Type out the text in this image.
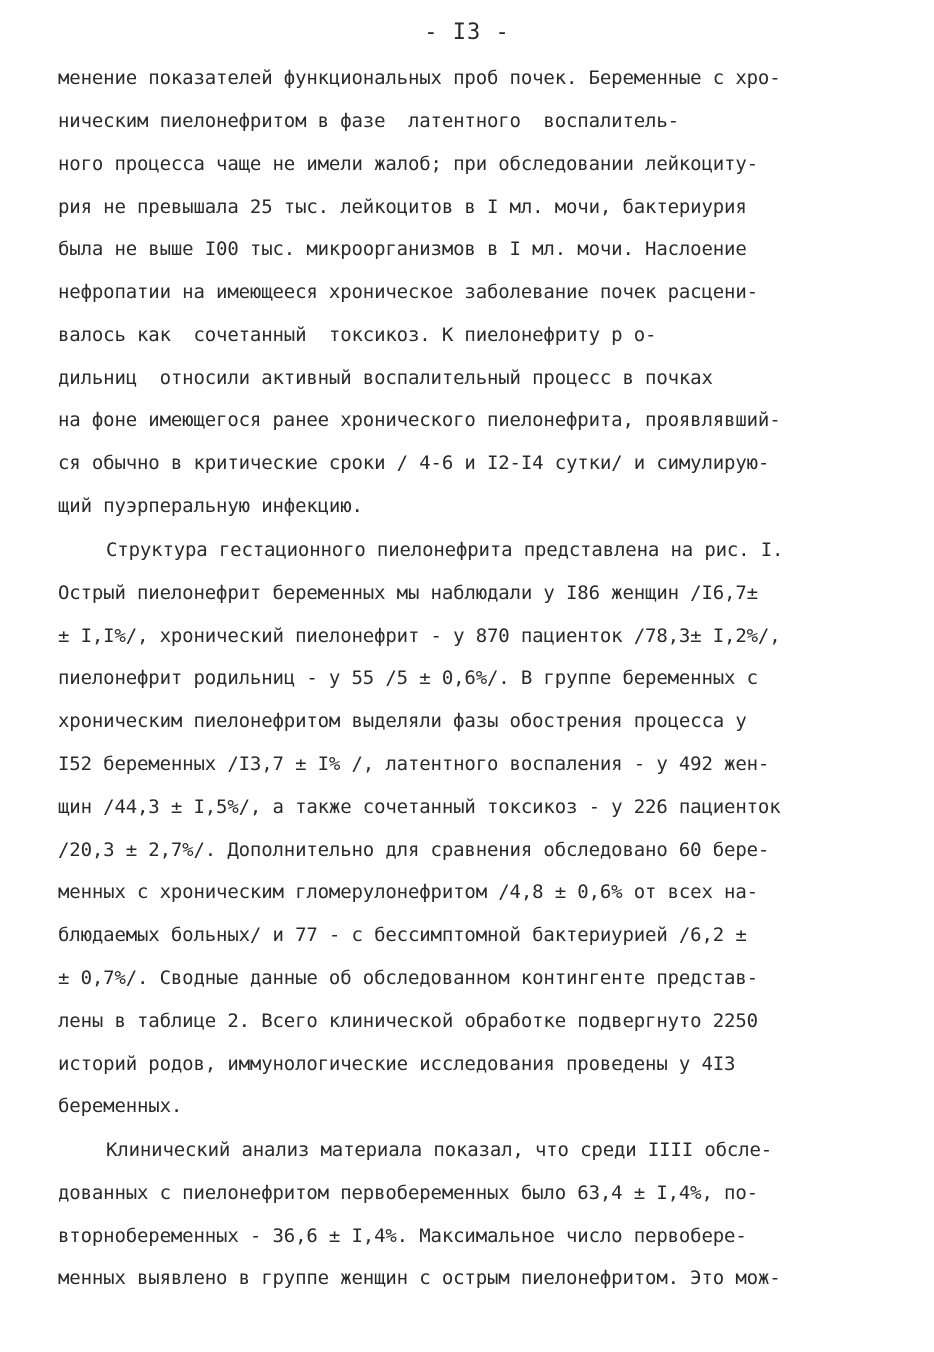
- I3 -
менение показателей функциональных проб почек. Беременные с хро-
ническим пиелонефритом в фазе  латентного  воспалитель-
ного процесса чаще не имели жалоб; при обследовании лейкоциту-
рия не превышала 25 тыс. лейкоцитов в I мл. мочи, бактериурия
была не выше I00 тыс. микроорганизмов в I мл. мочи. Наслоение
нефропатии на имеющееся хроническое заболевание почек расцени-
валось как  сочетанный  токсикоз. К пиелонефриту р о-
дильниц  относили активный воспалительный процесс в почках
на фоне имеющегося ранее хронического пиелонефрита, проявлявший-
ся обычно в критические сроки / 4-6 и I2-I4 сутки/ и симулирую-
щий пуэрперальную инфекцию.
Структура гестационного пиелонефрита представлена на рис. I.
Острый пиелонефрит беременных мы наблюдали у I86 женщин /I6,7±
± I,I%/, хронический пиелонефрит - у 870 пациенток /78,3± I,2%/,
пиелонефрит родильниц - у 55 /5 ± 0,6%/. В группе беременных с
хроническим пиелонефритом выделяли фазы обострения процесса у
I52 беременных /I3,7 ± I% /, латентного воспаления - у 492 жен-
щин /44,3 ± I,5%/, а также сочетанный токсикоз - у 226 пациенток
/20,3 ± 2,7%/. Дополнительно для сравнения обследовано 60 бере-
менных с хроническим гломерулонефритом /4,8 ± 0,6% от всех на-
блюдаемых больных/ и 77 - с бессимптомной бактериурией /6,2 ±
± 0,7%/. Сводные данные об обследованном контингенте представ-
лены в таблице 2. Всего клинической обработке подвергнуто 2250
историй родов, иммунологические исследования проведены у 4I3
беременных.
Клинический анализ материала показал, что среди IIII обсле-
дованных с пиелонефритом первобеременных было 63,4 ± I,4%, по-
вторнобеременных - 36,6 ± I,4%. Максимальное число первобере-
менных выявлено в группе женщин с острым пиелонефритом. Это мож-
